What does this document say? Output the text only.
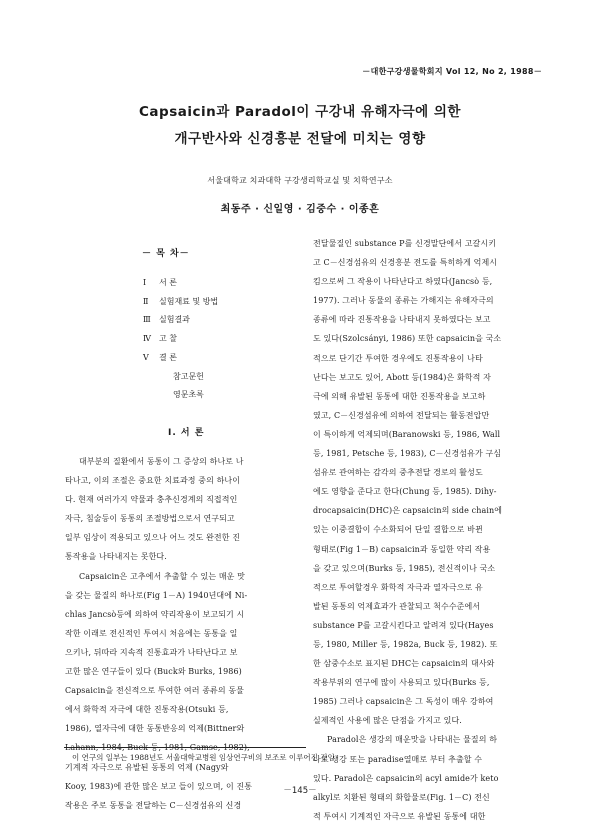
－대한구강생물학회지 Vol 12, No 2, 1988－
Capsaicin과 Paradol이 구강내 유해자극에 의한
개구반사와 신경흥분 전달에 미치는 영향
서울대학교 치과대학 구강생리학교실 및 치학연구소
최동주 · 신일영 · 김중수 · 이종흔
－ 목 차－
Ⅰ 서 론
Ⅱ 실험재료 및 방법
Ⅲ 실험결과
Ⅳ 고 찰
Ⅴ 결 론
참고문헌
영문초록
Ⅰ. 서 론
대부분의 질환에서 동통이 그 증상의 하나로 나
타나고, 이의 조절은 중요한 치료과정 중의 하나이
다. 현재 여러가지 약물과 충추신경계의 직접적인
자극, 침술등이 동통의 조절방법으로서 연구되고
일부 임상이 적용되고 있으나 어느 것도 완전한 진
통작용을 나타내지는 못한다.
Capsaicin은 고추에서 추출할 수 있는 매운 맛
을 갖는 물질의 하나로(Fig 1－A) 1940년대에 Ni-
chlas Jancsò등에 의하여 약리작용이 보고되기 시
작한 이래로 전신적인 투여시 처음에는 동통을 일
으키나, 뒤따라 지속적 진통효과가 나타난다고 보
고한 많은 연구들이 있다 (Buck와 Burks, 1986)
Capsaicin을 전신적으로 투여한 여러 종류의 동물
에서 화학적 자극에 대한 진통작용(Otsuki 등,
1986), 열자극에 대한 동통반응의 억제(Bittner와
Lahann, 1984, Buck 등, 1981, Gamse, 1982),
기계적 자극으로 유발된 동통의 억제 (Nagy와
Kooy, 1983)에 관한 많은 보고 들이 있으며, 이 진통
작용은 주로 동통을 전달하는 C－신경섬유의 신경
전달물질인 substance P를 신경말단에서 고갈시키
고 C－신경섬유의 신경흥분 전도를 특히하게 억제시
킴으로써 그 작용이 나타난다고 하였다(Jancsò 등,
1977). 그러나 동물의 종류는 가해지는 유해자극의
종류에 따라 진통작용을 나타내지 못하였다는 보고
도 있다(Szolcsányi, 1986) 또한 capsaicin을 국소
적으로 단기간 투여한 경우에도 진통작용이 나타
난다는 보고도 있어, Abott 등(1984)은 화학적 자
극에 의해 유발된 동통에 대한 진통작용을 보고하
였고, C－신경섬유에 의하여 전달되는 활동전압만
이 특이하게 억제되며(Baranowski 등, 1986, Wall
등, 1981, Petsche 등, 1983), C－신경섬유가 구심
섬유로 관여하는 감각의 중추전달 경로의 활성도
에도 영향을 준다고 한다(Chung 등, 1985). Dihy-
drocapsaicin(DHC)은 capsaicin의 side chain에
있는 이중결합이 수소화되어 단일 결합으로 바뀐
형태로(Fig 1－B) capsaicin과 동일한 약리 작용
을 갖고 있으며(Burks 등, 1985), 전신적이나 국소
적으로 투여할경우 화학적 자극과 열자극으로 유
발된 동통의 억제효과가 관찰되고 척수수준에서
substance P를 고갈시킨다고 알려져 있다(Hayes
등, 1980, Miller 등, 1982a, Buck 등, 1982). 또
한 삼중수소로 표지된 DHC는 capsaicin의 대사와
작용부위의 연구에 많이 사용되고 있다(Burks 등,
1985) 그러나 capsaicin은 그 독성이 매우 강하여
실제적인 사용에 많은 단점을 가지고 있다.
Paradol은 생강의 매운맛을 나타내는 물질의 하
나로 생강 또는 paradise열매로 부터 추출할 수
있다. Paradol은 capsaicin의 acyl amide가 keto
alkyl로 치환된 형태의 화합물로(Fig. 1－C) 전신
적 투여시 기계적인 자극으로 유발된 동통에 대한
이 연구의 일부는 1988년도 서울대학교병원 임상연구비의 보조로 이루어진 것임
－145－
